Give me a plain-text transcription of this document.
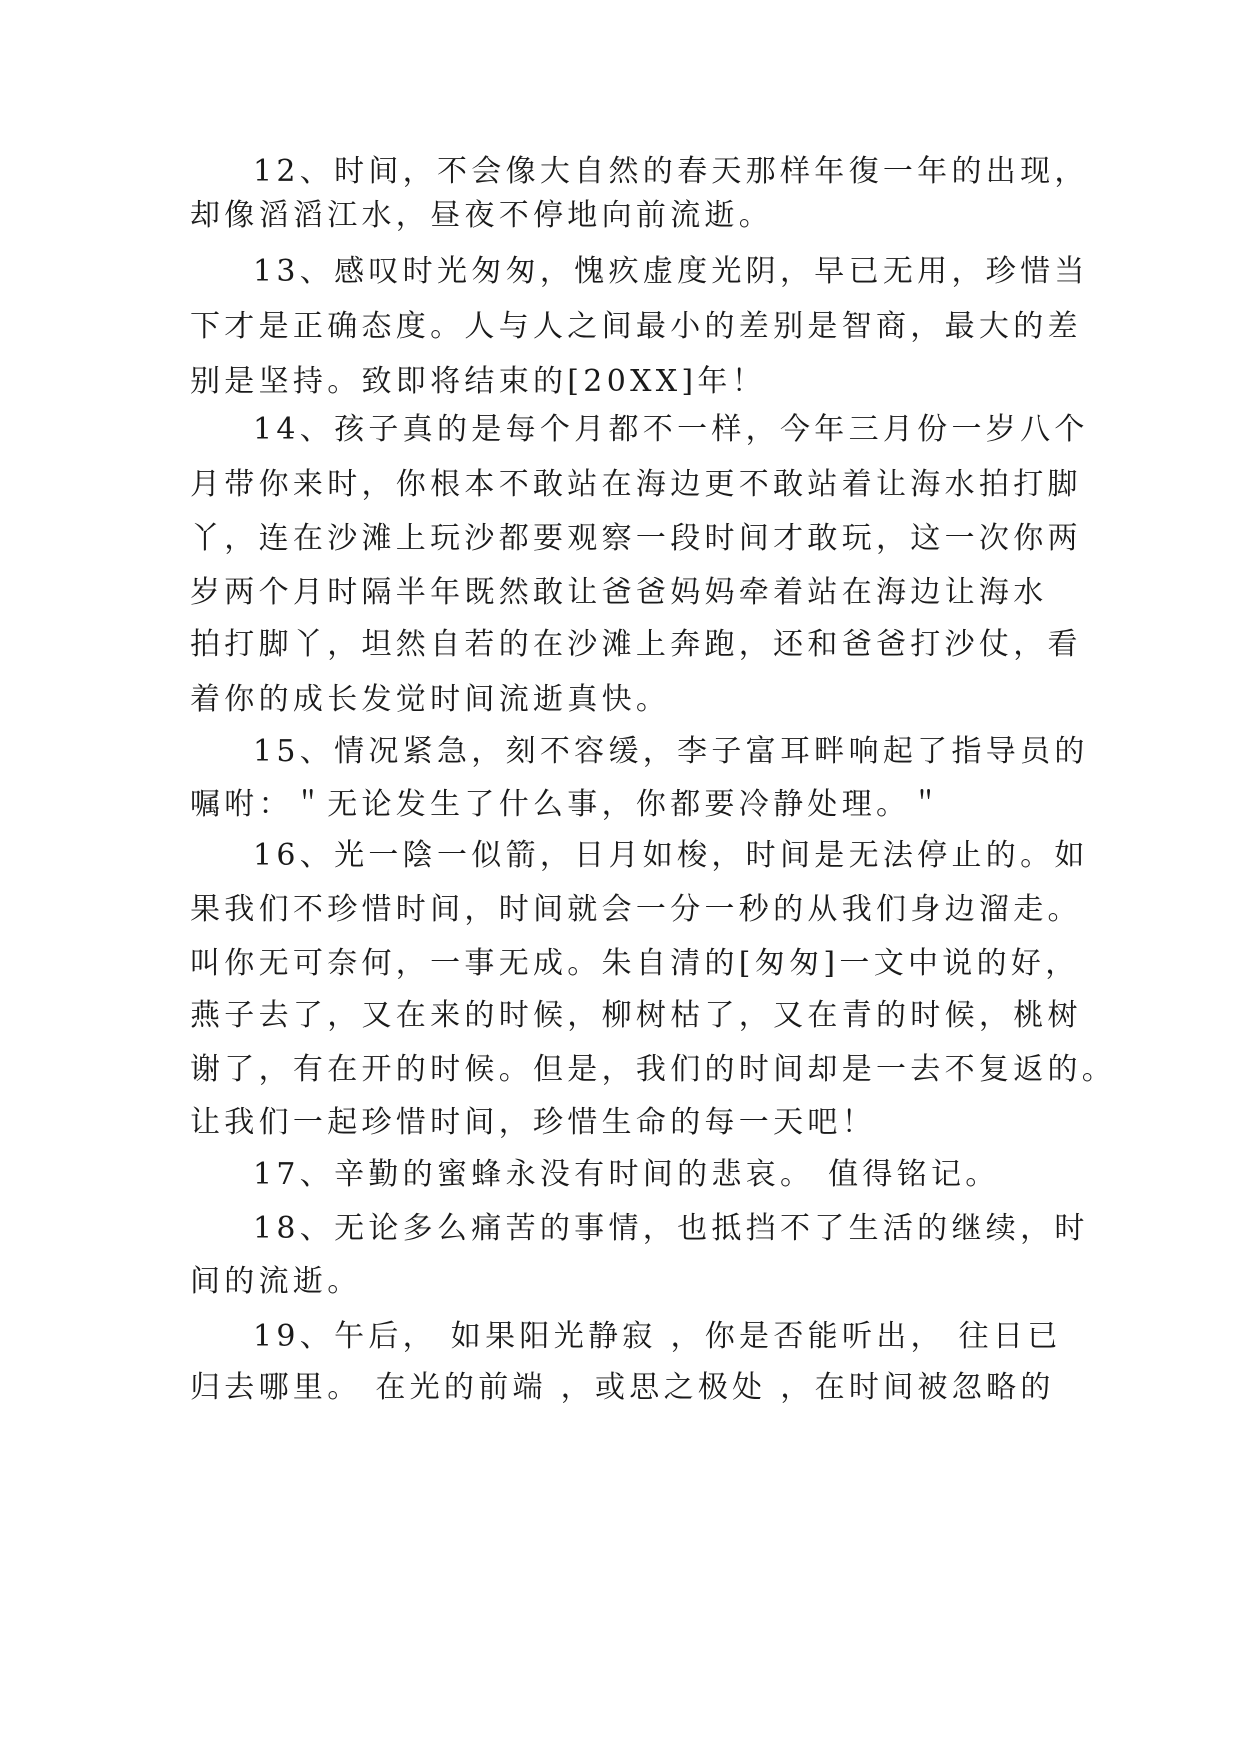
12、时间，不会像大自然的春天那样年復一年的出现，
却像滔滔江水，昼夜不停地向前流逝。
13、感叹时光匆匆，愧疚虚度光阴，早已无用，珍惜当
下才是正确态度。人与人之间最小的差别是智商，最大的差
别是坚持。致即将结束的[20XX]年！
14、孩子真的是每个月都不一样，今年三月份一岁八个
月带你来时，你根本不敢站在海边更不敢站着让海水拍打脚
丫，连在沙滩上玩沙都要观察一段时间才敢玩，这一次你两
岁两个月时隔半年既然敢让爸爸妈妈牵着站在海边让海水
拍打脚丫，坦然自若的在沙滩上奔跑，还和爸爸打沙仗，看
着你的成长发觉时间流逝真快。
15、情况紧急，刻不容缓，李子富耳畔响起了指导员的
嘱咐：＂无论发生了什么事，你都要冷静处理。＂
16、光一陰一似箭，日月如梭，时间是无法停止的。如
果我们不珍惜时间，时间就会一分一秒的从我们身边溜走。
叫你无可奈何，一事无成。朱自清的[匆匆]一文中说的好，
燕子去了，又在来的时候，柳树枯了，又在青的时候，桃树
谢了，有在开的时候。但是，我们的时间却是一去不复返的。
让我们一起珍惜时间，珍惜生命的每一天吧！
17、辛勤的蜜蜂永没有时间的悲哀。 值得铭记。
18、无论多么痛苦的事情，也抵挡不了生活的继续，时
间的流逝。
19、午后， 如果阳光静寂 ，你是否能听出， 往日已
归去哪里。 在光的前端 ，或思之极处 ，在时间被忽略的
